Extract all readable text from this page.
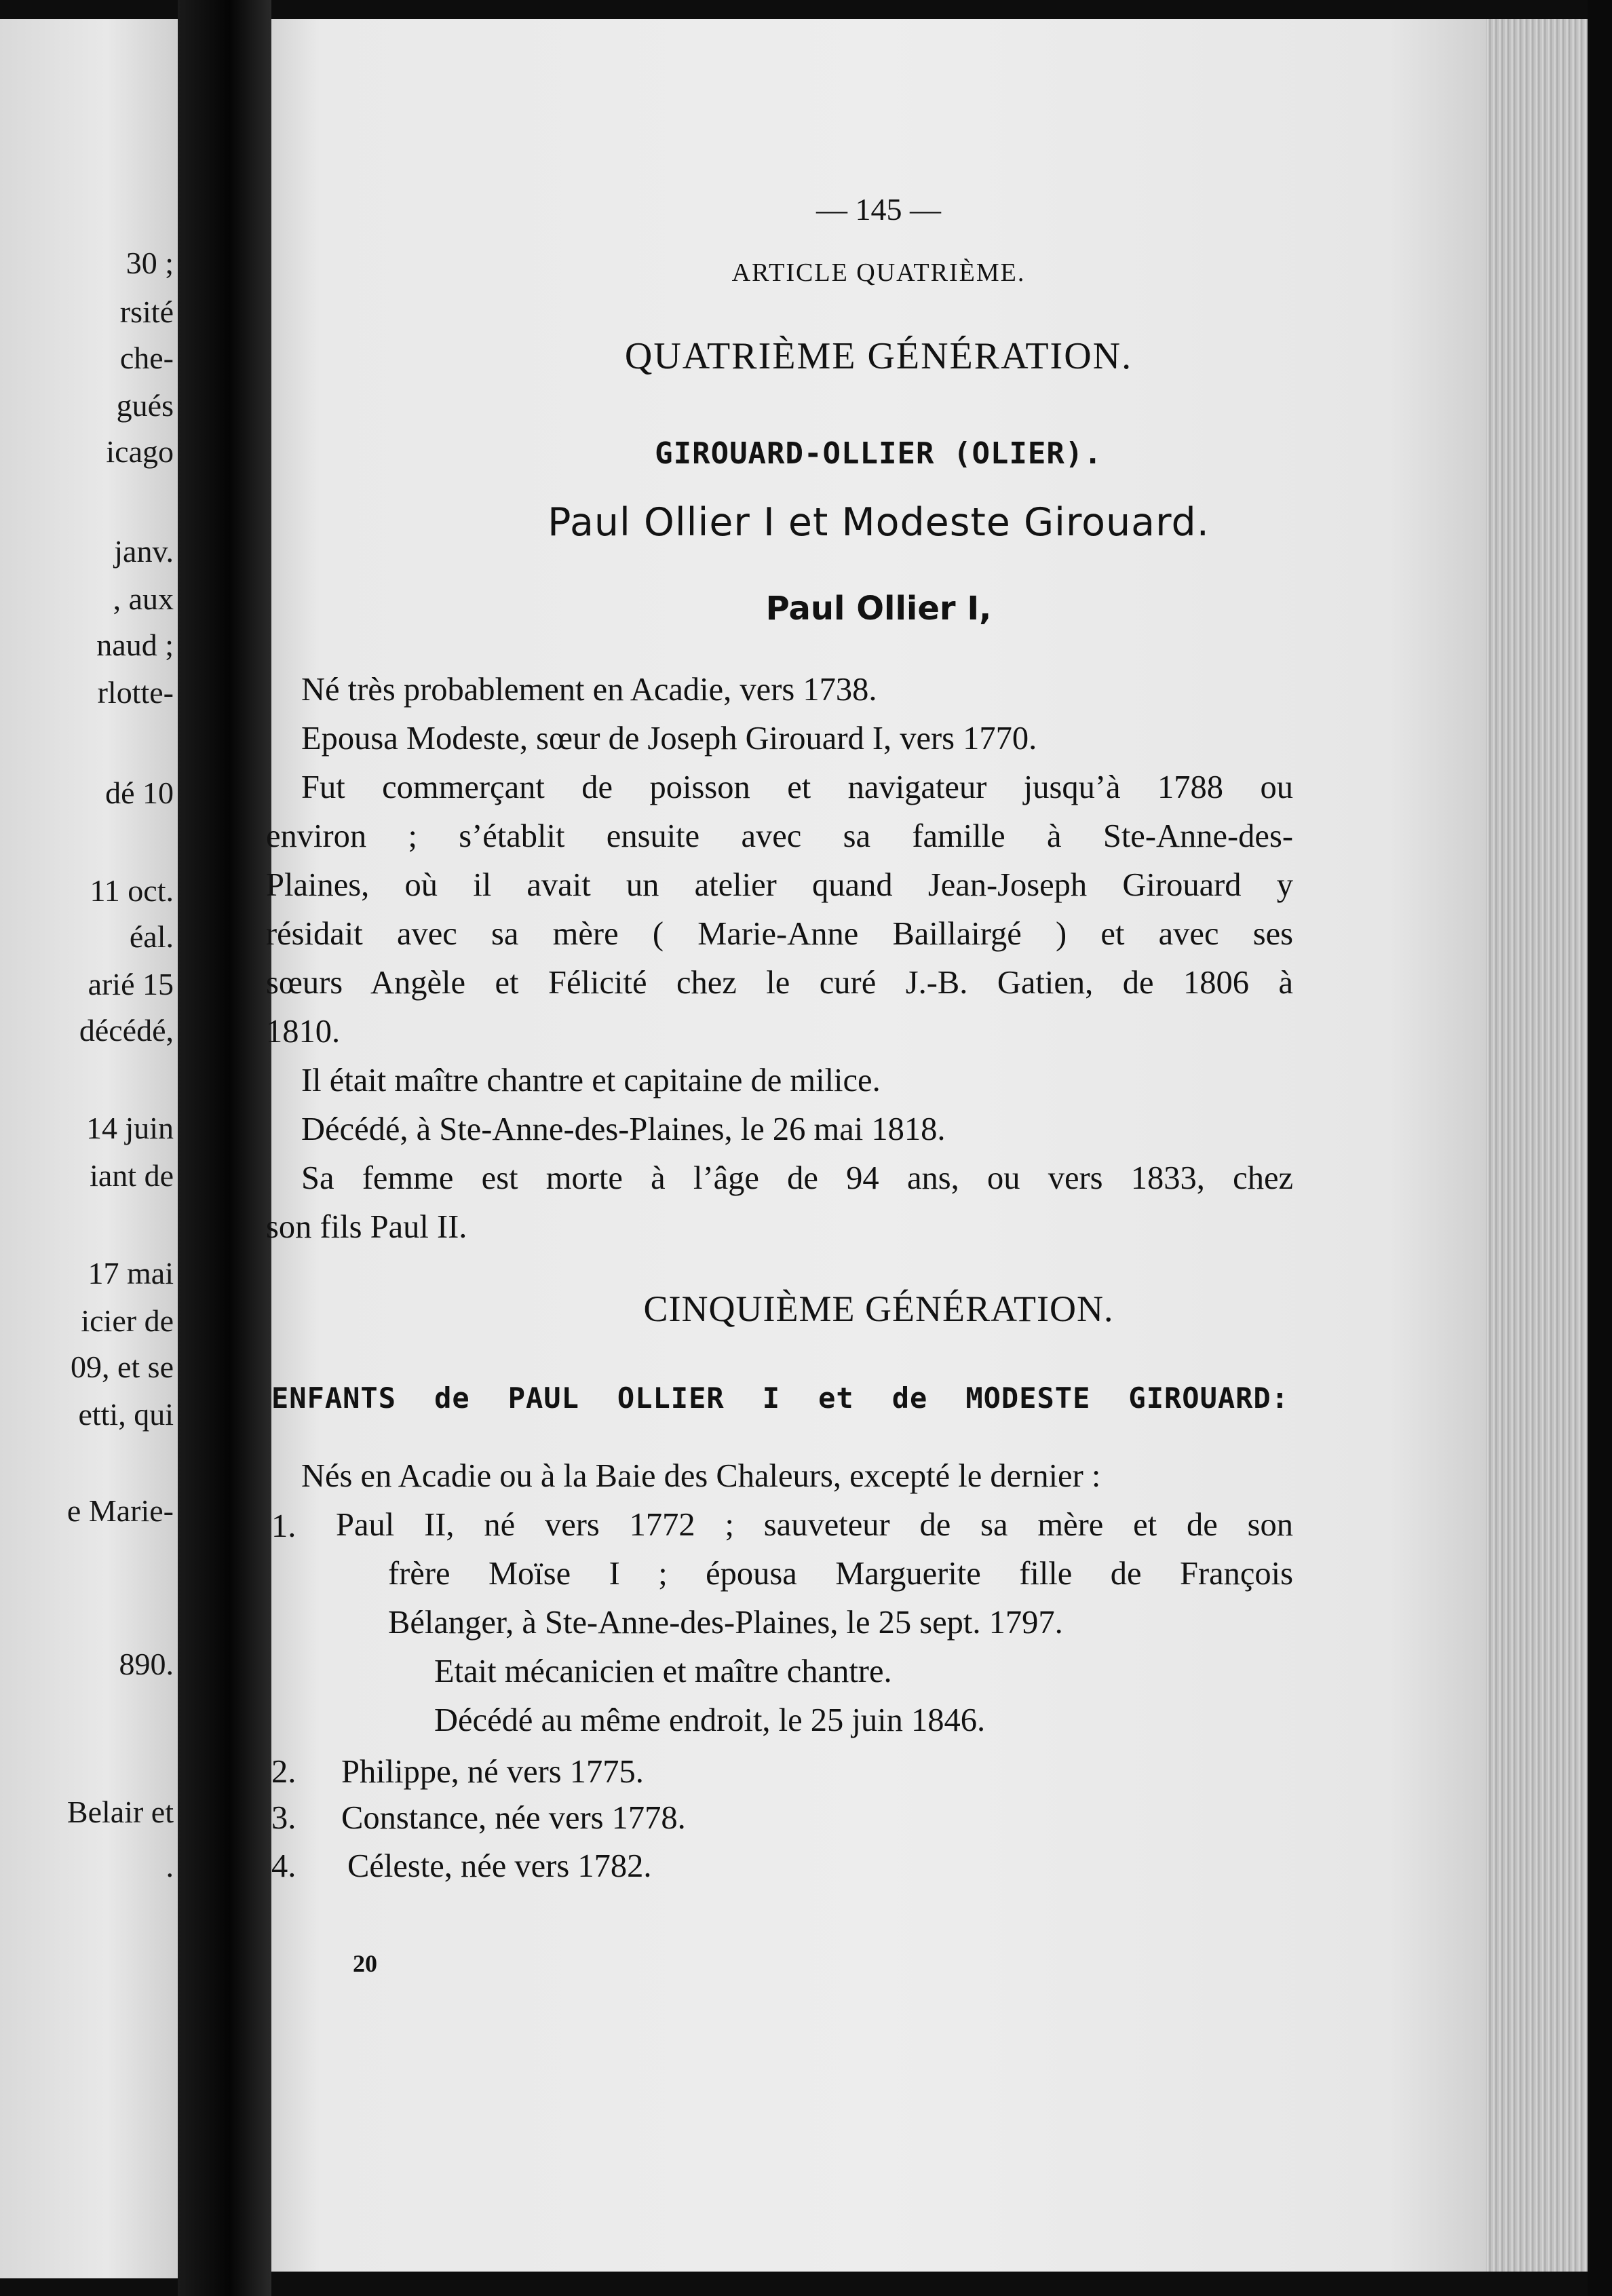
30 ;
rsité
che-
gués
icago
janv.
, aux
naud ;
rlotte-
dé 10
11 oct.
éal.
arié 15
décédé,
14 juin
iant de
17 mai
icier de
09, et se
etti, qui
e Marie-
890.
Belair et
.
— 145 —
ARTICLE QUATRIÈME.
QUATRIÈME GÉNÉRATION.
GIROUARD-OLLIER (OLIER).
Paul Ollier I et Modeste Girouard.
Paul Ollier I,
Né très probablement en Acadie, vers 1738.
Epousa Modeste, sœur de Joseph Girouard I, vers 1770.
Fut commerçant de poisson et navigateur jusqu’à 1788 ou
environ ; s’établit ensuite avec sa famille à Ste-Anne-des-
Plaines, où il avait un atelier quand Jean-Joseph Girouard y
résidait avec sa mère ( Marie-Anne Baillairgé ) et avec ses
sœurs Angèle et Félicité chez le curé J.-B. Gatien, de 1806 à
1810.
Il était maître chantre et capitaine de milice.
Décédé, à Ste-Anne-des-Plaines, le 26 mai 1818.
Sa femme est morte à l’âge de 94 ans, ou vers 1833, chez
son fils Paul II.
CINQUIÈME GÉNÉRATION.
ENFANTS de PAUL OLLIER I et de MODESTE GIROUARD:
Nés en Acadie ou à la Baie des Chaleurs, excepté le dernier :
1. Paul II, né vers 1772 ; sauveteur de sa mère et de son
frère Moïse I ; épousa Marguerite fille de François
Bélanger, à Ste-Anne-des-Plaines, le 25 sept. 1797.
Etait mécanicien et maître chantre.
Décédé au même endroit, le 25 juin 1846.
2. Philippe, né vers 1775.
3. Constance, née vers 1778.
4. Céleste, née vers 1782.
20
